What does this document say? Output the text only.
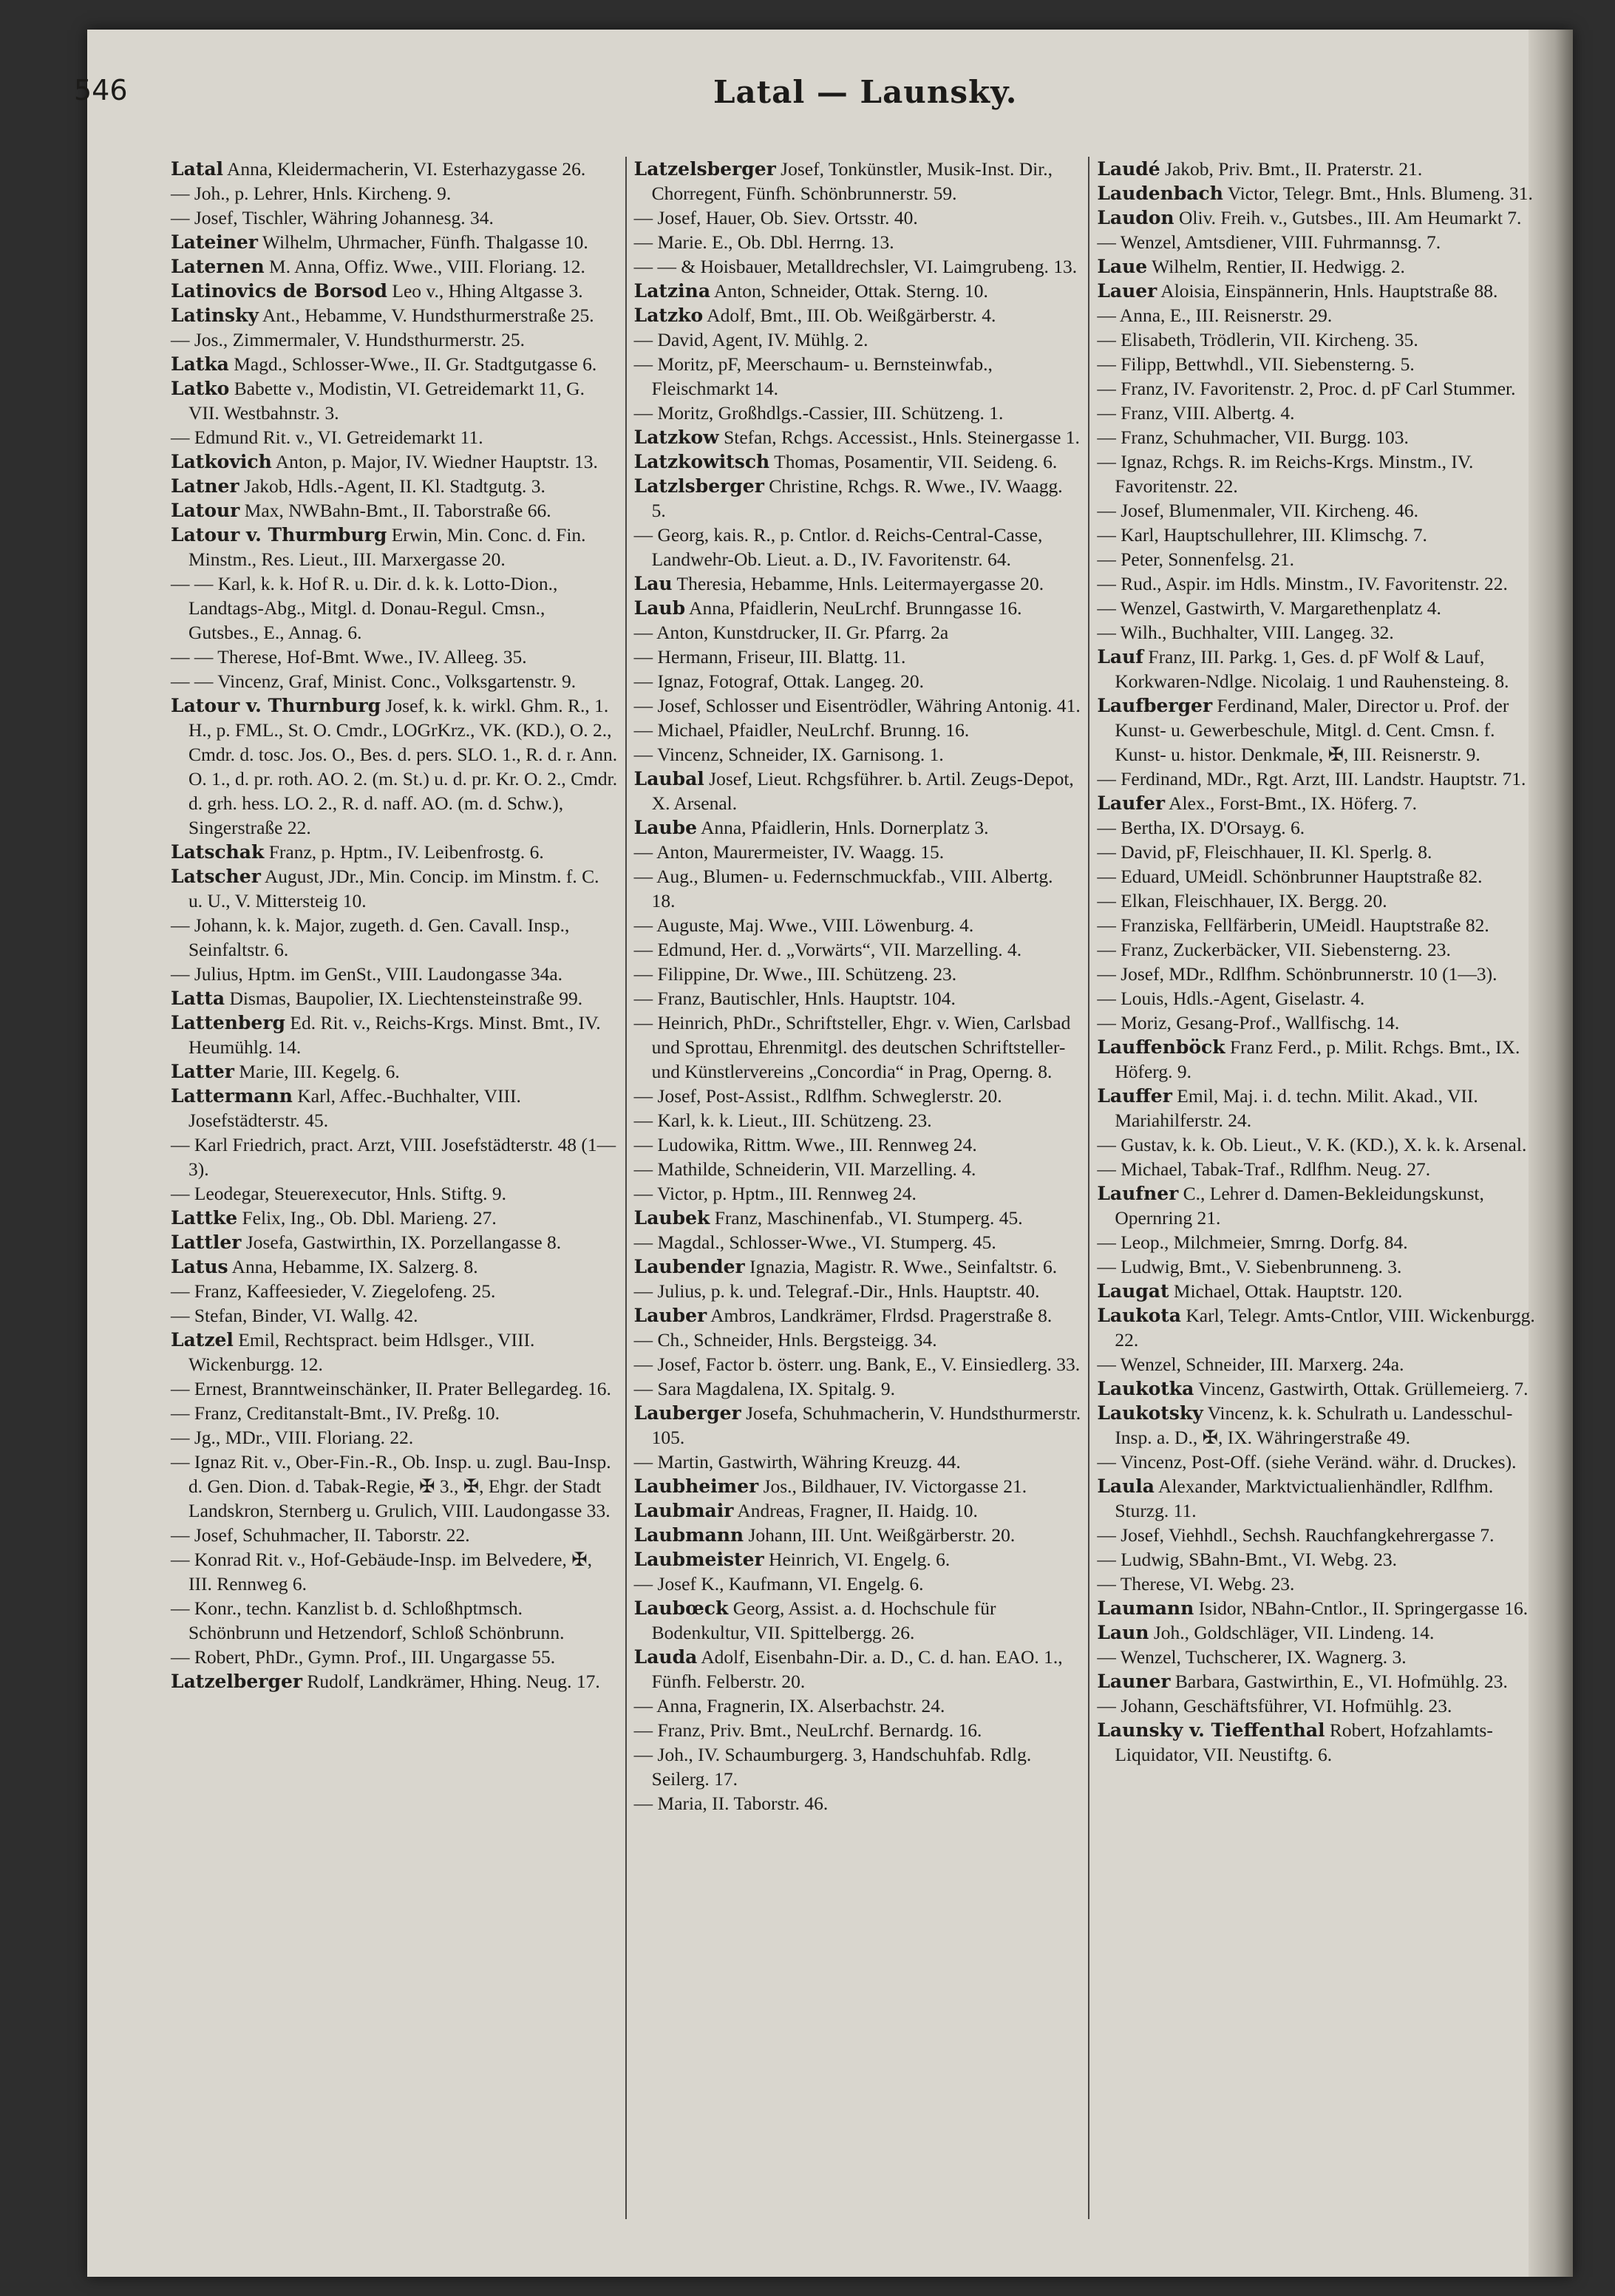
546	Latal — Launsky.

Latal Anna, Kleidermacherin, VI. Esterhazygasse 26.

— Joh., p. Lehrer, Hnls. Kircheng. 9.

— Josef, Tischler, Währing Johannesg. 34.

Lateiner Wilhelm, Uhrmacher, Fünfh. Thalgasse 10.

Laternen M. Anna, Offiz. Wwe., VIII. Floriang. 12.

Latinovics de Borsod Leo v., Hhing Altgasse 3.

Latinsky Ant., Hebamme, V. Hundsthurmerstraße 25.

— Jos., Zimmermaler, V. Hundsthurmerstr. 25.

Latka Magd., Schlosser-Wwe., II. Gr. Stadtgutgasse 6.

Latko Babette v., Modistin, VI. Getreidemarkt 11, G. VII. Westbahnstr. 3.

— Edmund Rit. v., VI. Getreidemarkt 11.

Latkovich Anton, p. Major, IV. Wiedner Hauptstr. 13.

Latner Jakob, Hdls.-Agent, II. Kl. Stadtgutg. 3.

Latour Max, NWBahn-Bmt., II. Taborstraße 66.

Latour v. Thurmburg Erwin, Min. Conc. d. Fin. Minstm., Res. Lieut., III. Marxergasse 20.

— — Karl, k. k. Hof R. u. Dir. d. k. k. Lotto-Dion., Landtags-Abg., Mitgl. d. Donau-Regul. Cmsn., Gutsbes., E., Annag. 6.

— — Therese, Hof-Bmt. Wwe., IV. Alleeg. 35.

— — Vincenz, Graf, Minist. Conc., Volksgartenstr. 9.

Latour v. Thurnburg Josef, k. k. wirkl. Ghm. R., 1. H., p. FML., St. O. Cmdr., LOGrKrz., VK. (KD.), O. 2., Cmdr. d. tosc. Jos. O., Bes. d. pers. SLO. 1., R. d. r. Ann. O. 1., d. pr. roth. AO. 2. (m. St.) u. d. pr. Kr. O. 2., Cmdr. d. grh. hess. LO. 2., R. d. naff. AO. (m. d. Schw.), Singerstraße 22.

Latschak Franz, p. Hptm., IV. Leibenfrostg. 6.

Latscher August, JDr., Min. Concip. im Minstm. f. C. u. U., V. Mittersteig 10.

— Johann, k. k. Major, zugeth. d. Gen. Cavall. Insp., Seinfaltstr. 6.

— Julius, Hptm. im GenSt., VIII. Laudongasse 34a.

Latta Dismas, Baupolier, IX. Liechtensteinstraße 99.

Lattenberg Ed. Rit. v., Reichs-Krgs. Minst. Bmt., IV. Heumühlg. 14.

Latter Marie, III. Kegelg. 6.

Lattermann Karl, Affec.-Buchhalter, VIII. Josefstädterstr. 45.

— Karl Friedrich, pract. Arzt, VIII. Josefstädterstr. 48 (1—3).

— Leodegar, Steuerexecutor, Hnls. Stiftg. 9.

Lattke Felix, Ing., Ob. Dbl. Marieng. 27.

Lattler Josefa, Gastwirthin, IX. Porzellangasse 8.

Latus Anna, Hebamme, IX. Salzerg. 8.

— Franz, Kaffeesieder, V. Ziegelofeng. 25.

— Stefan, Binder, VI. Wallg. 42.

Latzel Emil, Rechtspract. beim Hdlsger., VIII. Wickenburgg. 12.

— Ernest, Branntweinschänker, II. Prater Bellegardeg. 16.

— Franz, Creditanstalt-Bmt., IV. Preßg. 10.

— Jg., MDr., VIII. Floriang. 22.

— Ignaz Rit. v., Ober-Fin.-R., Ob. Insp. u. zugl. Bau-Insp. d. Gen. Dion. d. Tabak-Regie, ✠ 3., ✠, Ehgr. der Stadt Landskron, Sternberg u. Grulich, VIII. Laudongasse 33.

— Josef, Schuhmacher, II. Taborstr. 22.

— Konrad Rit. v., Hof-Gebäude-Insp. im Belvedere, ✠, III. Rennweg 6.

— Konr., techn. Kanzlist b. d. Schloßhptmsch. Schönbrunn und Hetzendorf, Schloß Schönbrunn.

— Robert, PhDr., Gymn. Prof., III. Ungargasse 55.

Latzelberger Rudolf, Landkrämer, Hhing. Neug. 17.

Latzelsberger Josef, Tonkünstler, Musik-Inst. Dir., Chorregent, Fünfh. Schönbrunnerstr. 59.

— Josef, Hauer, Ob. Siev. Ortsstr. 40.

— Marie. E., Ob. Dbl. Herrng. 13.

— — & Hoisbauer, Metalldrechsler, VI. Laimgrubeng. 13.

Latzina Anton, Schneider, Ottak. Sterng. 10.

Latzko Adolf, Bmt., III. Ob. Weißgärberstr. 4.

— David, Agent, IV. Mühlg. 2.

— Moritz, pF, Meerschaum- u. Bernsteinwfab., Fleischmarkt 14.

— Moritz, Großhdlgs.-Cassier, III. Schützeng. 1.

Latzkow Stefan, Rchgs. Accessist., Hnls. Steinergasse 1.

Latzkowitsch Thomas, Posamentir, VII. Seideng. 6.

Latzlsberger Christine, Rchgs. R. Wwe., IV. Waagg. 5.

— Georg, kais. R., p. Cntlor. d. Reichs-Central-Casse, Landwehr-Ob. Lieut. a. D., IV. Favoritenstr. 64.

Lau Theresia, Hebamme, Hnls. Leitermayergasse 20.

Laub Anna, Pfaidlerin, NeuLrchf. Brunngasse 16.

— Anton, Kunstdrucker, II. Gr. Pfarrg. 2a

— Hermann, Friseur, III. Blattg. 11.

— Ignaz, Fotograf, Ottak. Langeg. 20.

— Josef, Schlosser und Eisentrödler, Währing Antonig. 41.

— Michael, Pfaidler, NeuLrchf. Brunng. 16.

— Vincenz, Schneider, IX. Garnisong. 1.

Laubal Josef, Lieut. Rchgsführer. b. Artil. Zeugs-Depot, X. Arsenal.

Laube Anna, Pfaidlerin, Hnls. Dornerplatz 3.

— Anton, Maurermeister, IV. Waagg. 15.

— Aug., Blumen- u. Federnschmuckfab., VIII. Albertg. 18.

— Auguste, Maj. Wwe., VIII. Löwenburg. 4.

— Edmund, Her. d. „Vorwärts“, VII. Marzelling. 4.

— Filippine, Dr. Wwe., III. Schützeng. 23.

— Franz, Bautischler, Hnls. Hauptstr. 104.

— Heinrich, PhDr., Schriftsteller, Ehgr. v. Wien, Carlsbad und Sprottau, Ehrenmitgl. des deutschen Schriftsteller- und Künstlervereins „Concordia“ in Prag, Operng. 8.

— Josef, Post-Assist., Rdlfhm. Schweglerstr. 20.

— Karl, k. k. Lieut., III. Schützeng. 23.

— Ludowika, Rittm. Wwe., III. Rennweg 24.

— Mathilde, Schneiderin, VII. Marzelling. 4.

— Victor, p. Hptm., III. Rennweg 24.

Laubek Franz, Maschinenfab., VI. Stumperg. 45.

— Magdal., Schlosser-Wwe., VI. Stumperg. 45.

Laubender Ignazia, Magistr. R. Wwe., Seinfaltstr. 6.

— Julius, p. k. und. Telegraf.-Dir., Hnls. Hauptstr. 40.

Lauber Ambros, Landkrämer, Flrdsd. Pragerstraße 8.

— Ch., Schneider, Hnls. Bergsteigg. 34.

— Josef, Factor b. österr. ung. Bank, E., V. Einsiedlerg. 33.

— Sara Magdalena, IX. Spitalg. 9.

Lauberger Josefa, Schuhmacherin, V. Hundsthurmerstr. 105.

— Martin, Gastwirth, Währing Kreuzg. 44.

Laubheimer Jos., Bildhauer, IV. Victorgasse 21.

Laubmair Andreas, Fragner, II. Haidg. 10.

Laubmann Johann, III. Unt. Weißgärberstr. 20.

Laubmeister Heinrich, VI. Engelg. 6.

— Josef K., Kaufmann, VI. Engelg. 6.

Laubœck Georg, Assist. a. d. Hochschule für Bodenkultur, VII. Spittelbergg. 26.

Lauda Adolf, Eisenbahn-Dir. a. D., C. d. han. EAO. 1., Fünfh. Felberstr. 20.

— Anna, Fragnerin, IX. Alserbachstr. 24.

— Franz, Priv. Bmt., NeuLrchf. Bernardg. 16.

— Joh., IV. Schaumburgerg. 3, Handschuhfab. Rdlg. Seilerg. 17.

— Maria, II. Taborstr. 46.

Laudé Jakob, Priv. Bmt., II. Praterstr. 21.

Laudenbach Victor, Telegr. Bmt., Hnls. Blumeng. 31.

Laudon Oliv. Freih. v., Gutsbes., III. Am Heumarkt 7.

— Wenzel, Amtsdiener, VIII. Fuhrmannsg. 7.

Laue Wilhelm, Rentier, II. Hedwigg. 2.

Lauer Aloisia, Einspännerin, Hnls. Hauptstraße 88.

— Anna, E., III. Reisnerstr. 29.

— Elisabeth, Trödlerin, VII. Kircheng. 35.

— Filipp, Bettwhdl., VII. Siebensterng. 5.

— Franz, IV. Favoritenstr. 2, Proc. d. pF Carl Stummer.

— Franz, VIII. Albertg. 4.

— Franz, Schuhmacher, VII. Burgg. 103.

— Ignaz, Rchgs. R. im Reichs-Krgs. Minstm., IV. Favoritenstr. 22.

— Josef, Blumenmaler, VII. Kircheng. 46.

— Karl, Hauptschullehrer, III. Klimschg. 7.

— Peter, Sonnenfelsg. 21.

— Rud., Aspir. im Hdls. Minstm., IV. Favoritenstr. 22.

— Wenzel, Gastwirth, V. Margarethenplatz 4.

— Wilh., Buchhalter, VIII. Langeg. 32.

Lauf Franz, III. Parkg. 1, Ges. d. pF Wolf & Lauf, Korkwaren-Ndlge. Nicolaig. 1 und Rauhensteing. 8.

Laufberger Ferdinand, Maler, Director u. Prof. der Kunst- u. Gewerbeschule, Mitgl. d. Cent. Cmsn. f. Kunst- u. histor. Denkmale, ✠, III. Reisnerstr. 9.

— Ferdinand, MDr., Rgt. Arzt, III. Landstr. Hauptstr. 71.

Laufer Alex., Forst-Bmt., IX. Höferg. 7.

— Bertha, IX. D'Orsayg. 6.

— David, pF, Fleischhauer, II. Kl. Sperlg. 8.

— Eduard, UMeidl. Schönbrunner Hauptstraße 82.

— Elkan, Fleischhauer, IX. Bergg. 20.

— Franziska, Fellfärberin, UMeidl. Hauptstraße 82.

— Franz, Zuckerbäcker, VII. Siebensterng. 23.

— Josef, MDr., Rdlfhm. Schönbrunnerstr. 10 (1—3).

— Louis, Hdls.-Agent, Giselastr. 4.

— Moriz, Gesang-Prof., Wallfischg. 14.

Lauffenböck Franz Ferd., p. Milit. Rchgs. Bmt., IX. Höferg. 9.

Lauffer Emil, Maj. i. d. techn. Milit. Akad., VII. Mariahilferstr. 24.

— Gustav, k. k. Ob. Lieut., V. K. (KD.), X. k. k. Arsenal.

— Michael, Tabak-Traf., Rdlfhm. Neug. 27.

Laufner C., Lehrer d. Damen-Bekleidungskunst, Opernring 21.

— Leop., Milchmeier, Smrng. Dorfg. 84.

— Ludwig, Bmt., V. Siebenbrunneng. 3.

Laugat Michael, Ottak. Hauptstr. 120.

Laukota Karl, Telegr. Amts-Cntlor, VIII. Wickenburgg. 22.

— Wenzel, Schneider, III. Marxerg. 24a.

Laukotka Vincenz, Gastwirth, Ottak. Grüllemeierg. 7.

Laukotsky Vincenz, k. k. Schulrath u. Landesschul-Insp. a. D., ✠, IX. Währingerstraße 49.

— Vincenz, Post-Off. (siehe Veränd. währ. d. Druckes).

Laula Alexander, Marktvictualienhändler, Rdlfhm. Sturzg. 11.

— Josef, Viehhdl., Sechsh. Rauchfangkehrergasse 7.

— Ludwig, SBahn-Bmt., VI. Webg. 23.

— Therese, VI. Webg. 23.

Laumann Isidor, NBahn-Cntlor., II. Springergasse 16.

Laun Joh., Goldschläger, VII. Lindeng. 14.

— Wenzel, Tuchscherer, IX. Wagnerg. 3.

Launer Barbara, Gastwirthin, E., VI. Hofmühlg. 23.

— Johann, Geschäftsführer, VI. Hofmühlg. 23.

Launsky v. Tieffenthal Robert, Hofzahlamts-Liquidator, VII. Neustiftg. 6.
